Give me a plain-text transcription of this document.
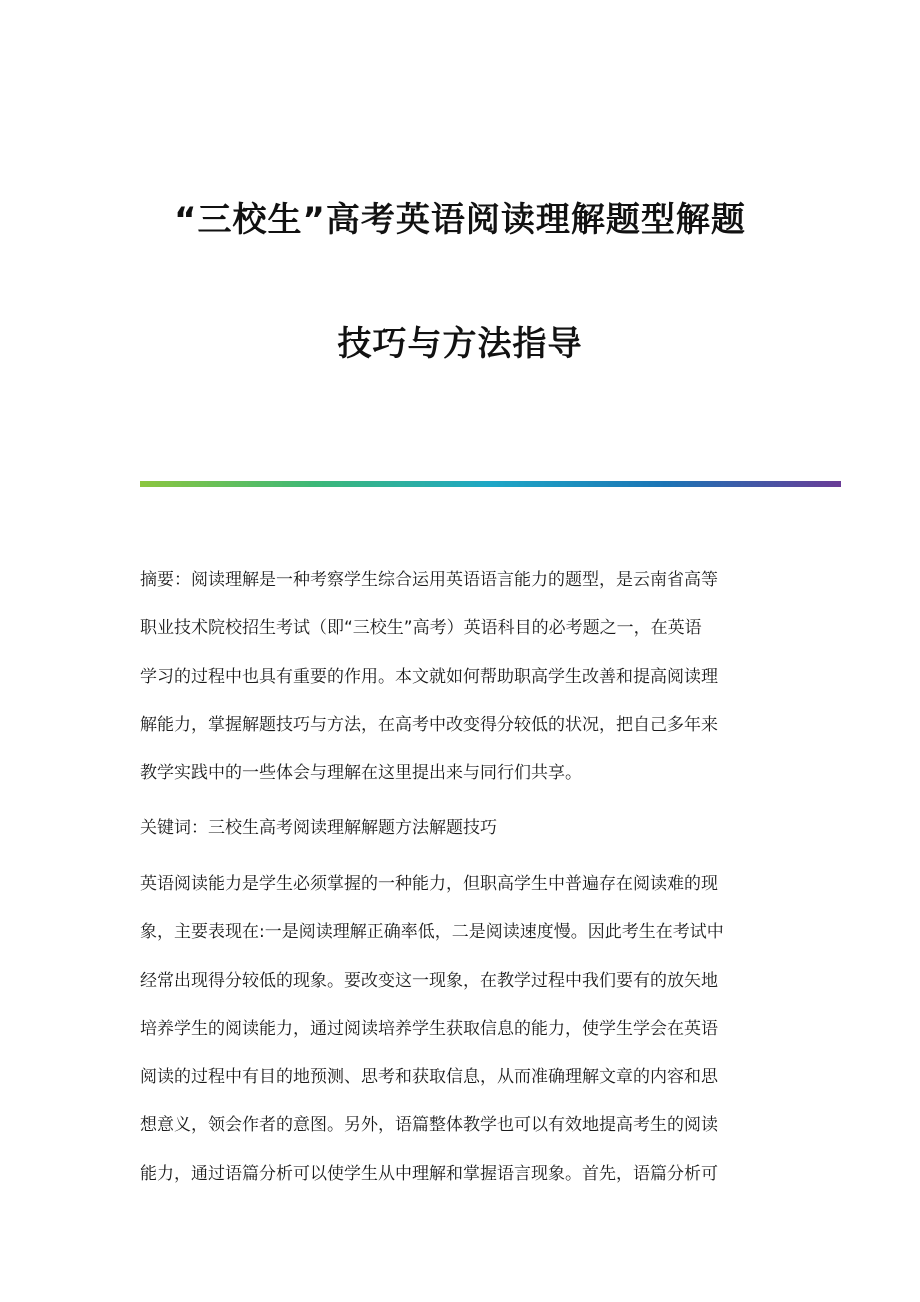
“三校生”高考英语阅读理解题型解题
技巧与方法指导
摘要：阅读理解是一种考察学生综合运用英语语言能力的题型，是云南省高等
职业技术院校招生考试（即“三校生”高考）英语科目的必考题之一，在英语
学习的过程中也具有重要的作用。本文就如何帮助职高学生改善和提高阅读理
解能力，掌握解题技巧与方法，在高考中改变得分较低的状况，把自己多年来
教学实践中的一些体会与理解在这里提出来与同行们共享。
关键词：三校生高考阅读理解解题方法解题技巧
英语阅读能力是学生必须掌握的一种能力，但职高学生中普遍存在阅读难的现
象，主要表现在:一是阅读理解正确率低，二是阅读速度慢。因此考生在考试中
经常出现得分较低的现象。要改变这一现象，在教学过程中我们要有的放矢地
培养学生的阅读能力，通过阅读培养学生获取信息的能力，使学生学会在英语
阅读的过程中有目的地预测、思考和获取信息，从而准确理解文章的内容和思
想意义，领会作者的意图。另外，语篇整体教学也可以有效地提高考生的阅读
能力，通过语篇分析可以使学生从中理解和掌握语言现象。首先，语篇分析可
